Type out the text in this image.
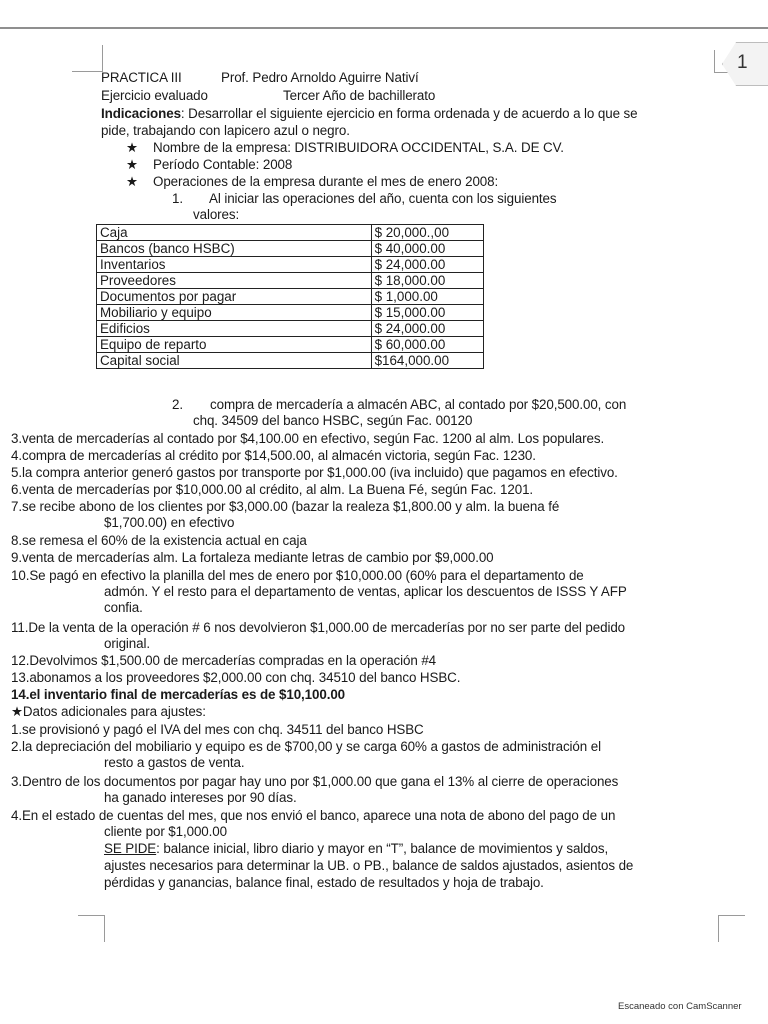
1
PRACTICA III	Prof. Pedro Arnoldo Aguirre Nativí
Ejercicio evaluado	Tercer Año de bachillerato
Indicaciones: Desarrollar el siguiente ejercicio en forma ordenada y de acuerdo a lo que se
pide, trabajando con lapicero azul o negro.
★ Nombre de la empresa: DISTRIBUIDORA OCCIDENTAL, S.A. DE CV.
★ Período Contable: 2008
★ Operaciones de la empresa durante el mes de enero 2008:
1. Al iniciar las operaciones del año, cuenta con los siguientes
valores:
Caja	$ 20,000.,00
Bancos (banco HSBC)	$ 40,000.00
Inventarios	$ 24,000.00
Proveedores	$ 18,000.00
Documentos por pagar	$ 1,000.00
Mobiliario y equipo	$ 15,000.00
Edificios	$ 24,000.00
Equipo de reparto	$ 60,000.00
Capital social	$164,000.00
2. compra de mercadería a almacén ABC, al contado por $20,500.00, con
chq. 34509 del banco HSBC, según Fac. 00120
3.venta de mercaderías al contado por $4,100.00 en efectivo, según Fac. 1200 al alm. Los populares.
4.compra de mercaderías al crédito por $14,500.00, al almacén victoria, según Fac. 1230.
5.la compra anterior generó gastos por transporte por $1,000.00 (iva incluido) que pagamos en efectivo.
6.venta de mercaderías por $10,000.00 al crédito, al alm. La Buena Fé, según Fac. 1201.
7.se recibe abono de los clientes por $3,000.00 (bazar la realeza $1,800.00 y alm. la buena fé
$1,700.00) en efectivo
8.se remesa el 60% de la existencia actual en caja
9.venta de mercaderías alm. La fortaleza mediante letras de cambio por $9,000.00
10.Se pagó en efectivo la planilla del mes de enero por $10,000.00 (60% para el departamento de
admón. Y el resto para el departamento de ventas, aplicar los descuentos de ISSS Y AFP
confia.
11.De la venta de la operación # 6 nos devolvieron $1,000.00 de mercaderías por no ser parte del pedido
original.
12.Devolvimos $1,500.00 de mercaderías compradas en la operación #4
13.abonamos a los proveedores $2,000.00 con chq. 34510 del banco HSBC.
14.el inventario final de mercaderías es de $10,100.00
★Datos adicionales para ajustes:
1.se provisionó y pagó el IVA del mes con chq. 34511 del banco HSBC
2.la depreciación del mobiliario y equipo es de $700,00 y se carga 60% a gastos de administración el
resto a gastos de venta.
3.Dentro de los documentos por pagar hay uno por $1,000.00 que gana el 13% al cierre de operaciones
ha ganado intereses por 90 días.
4.En el estado de cuentas del mes, que nos envió el banco, aparece una nota de abono del pago de un
cliente por $1,000.00
SE PIDE: balance inicial, libro diario y mayor en “T”, balance de movimientos y saldos,
ajustes necesarios para determinar la UB. o PB., balance de saldos ajustados, asientos de
pérdidas y ganancias, balance final, estado de resultados y hoja de trabajo.
Escaneado con CamScanner
